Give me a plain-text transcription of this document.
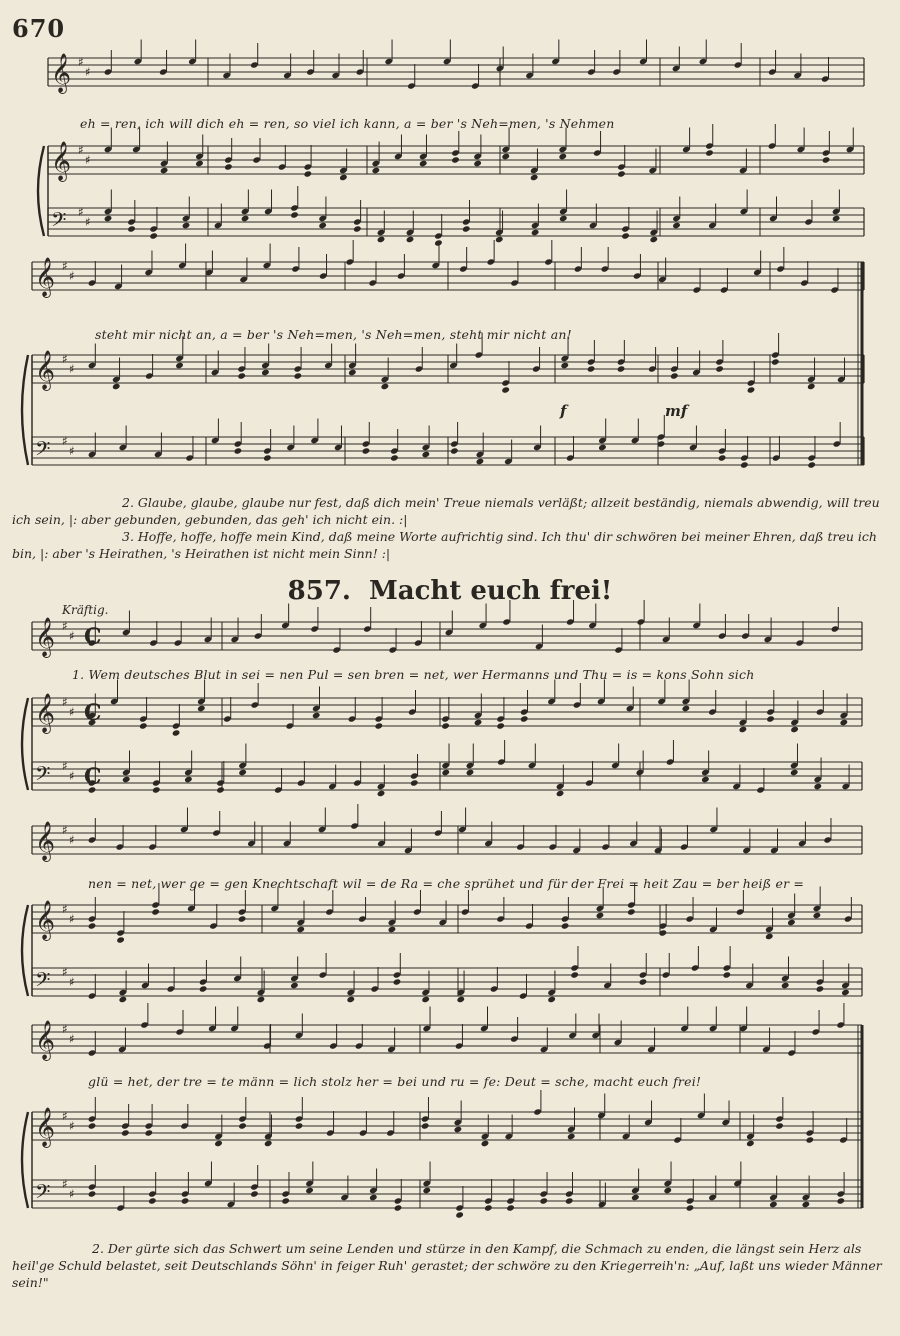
670
𝄞 ♯
♯
𝄞 ♯
♯
𝄢 ♯
♯
𝄞 ♯
♯
𝄞 ♯
♯
𝄢 ♯
♯
𝄞 ♯
♯
𝄞 ♯
♯
𝄢 ♯
♯
𝄞 ♯
♯
𝄞 ♯
♯
𝄢 ♯
♯
𝄞 ♯
♯
𝄞 ♯
♯
𝄢 ♯
♯
C
C
C
eh = ren, ich will dich eh = ren, so viel ich kann, a = ber 's Neh=men, 's Nehmen
steht mir nicht an, a = ber 's Neh=men, 's Neh=men, steht mir nicht an!
f	mf
2. Glaube, glaube, glaube nur fest, daß dich mein' Treue niemals verläßt; allzeit beständig, niemals abwendig, will treu ich sein, |: aber gebunden, gebunden, das geh' ich nicht ein. :|
3. Hoffe, hoffe, hoffe mein Kind, daß meine Worte aufrichtig sind. Ich thu' dir schwören bei meiner Ehren, daß treu ich bin, |: aber 's Heirathen, 's Heirathen ist nicht mein Sinn! :|
857. Macht euch frei!
Kräftig.
1. Wem deutsches Blut in sei = nen Pul = sen bren = net, wer Hermanns und Thu = is = kons Sohn sich
nen = net, wer ge = gen Knechtschaft wil = de Ra = che sprühet und für der Frei = heit Zau = ber heiß er =
glü = het, der tre = te männ = lich stolz her = bei und ru = fe: Deut = sche, macht euch frei!
2. Der gürte sich das Schwert um seine Lenden und stürze in den Kampf, die Schmach zu enden, die längst sein Herz als heil'ge Schuld belastet, seit Deutschlands Söhn' in feiger Ruh' gerastet; der schwöre zu den Kriegerreih'n: „Auf, laßt uns wieder Männer sein!"
